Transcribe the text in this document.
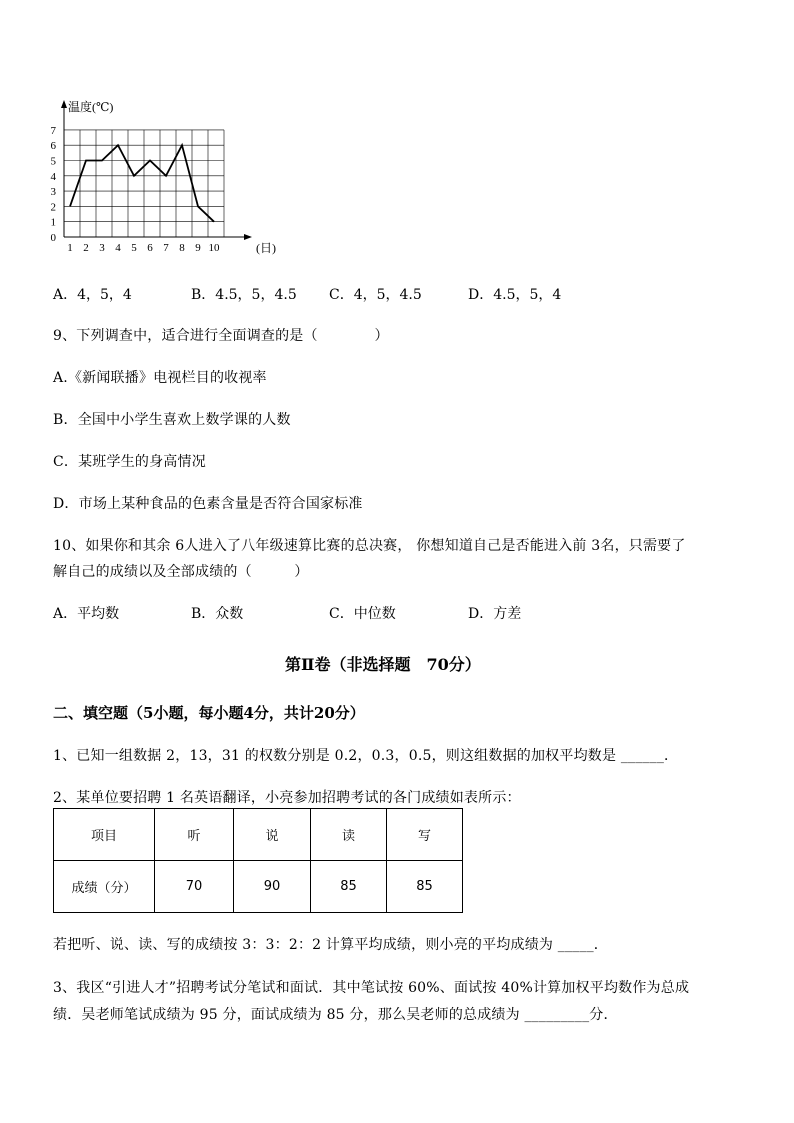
0
1
2
3
4
5
6
7
1 2 3 4 5 6 7 8 9 10
温度(℃)
(日)
A．4，5，4	B．4.5，5，4.5 C．4，5，4.5	D．4.5，5，4
9、下列调查中，适合进行全面调查的是（　　　　）
A.《新闻联播》电视栏目的收视率
B．全国中小学生喜欢上数学课的人数
C．某班学生的身高情况
D．市场上某种食品的色素含量是否符合国家标准
10、如果你和其余 6人进入了八年级速算比赛的总决赛， 你想知道自己是否能进入前 3名，只需要了
解自己的成绩以及全部成绩的（　　　）
A．平均数	B．众数	C．中位数	D．方差
第Ⅱ卷（非选择题　70分）
二、填空题（5小题，每小题4分，共计20分）
1、已知一组数据 2，13，31 的权数分别是 0.2，0.3，0.5，则这组数据的加权平均数是 ______．
2、某单位要招聘 1 名英语翻译，小亮参加招聘考试的各门成绩如表所示：
项目	听	说	读	写
成绩（分）	70	90	85	85
若把听、说、读、写的成绩按 3：3：2：2 计算平均成绩，则小亮的平均成绩为 _____．
3、我区“引进人才”招聘考试分笔试和面试．其中笔试按 60%、面试按 40%计算加权平均数作为总成
绩．吴老师笔试成绩为 95 分，面试成绩为 85 分，那么吴老师的总成绩为 _________分．
